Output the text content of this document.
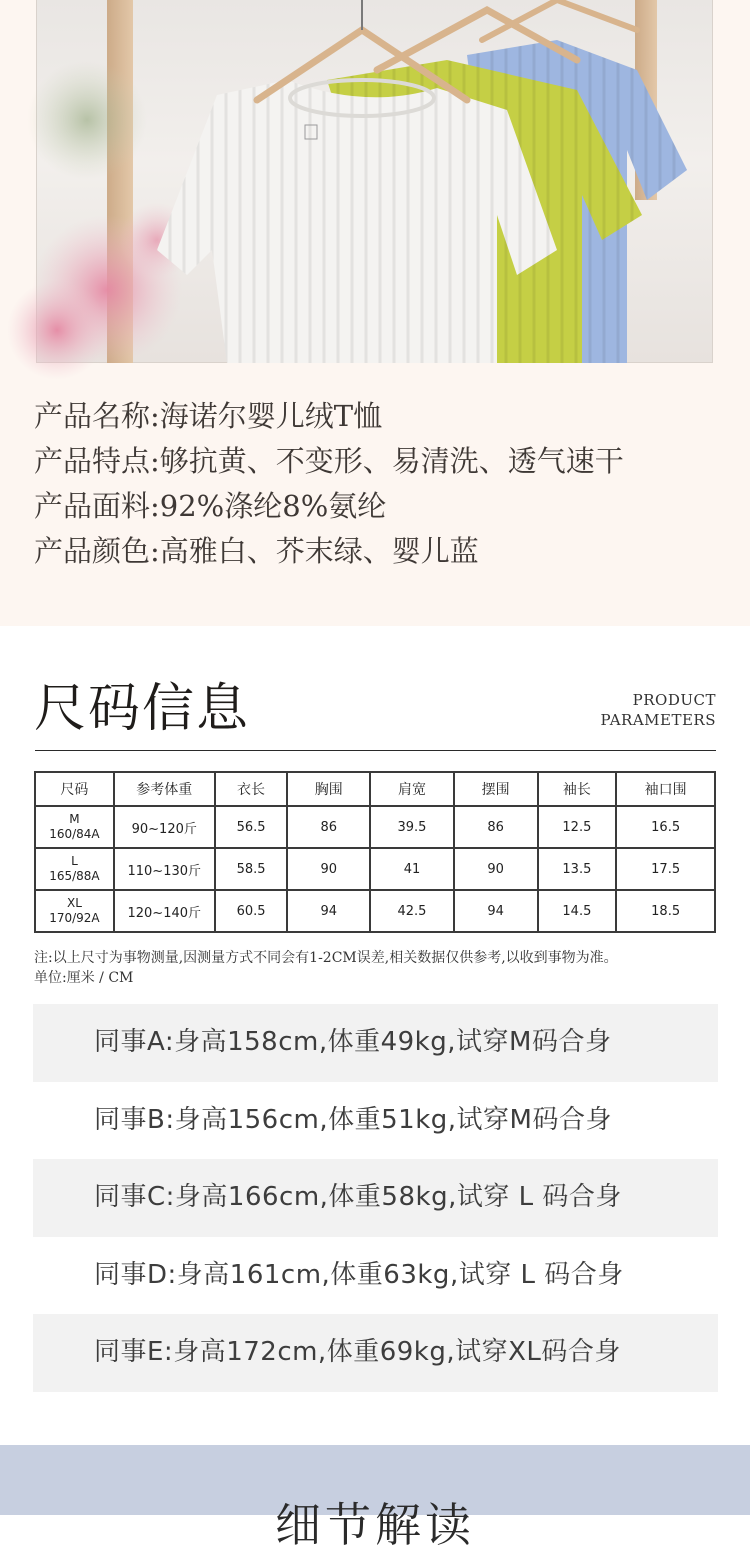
产品名称:海诺尔婴儿绒T恤
产品特点:够抗黄、不变形、易清洗、透气速干
产品面料:92%涤纶8%氨纶
产品颜色:高雅白、芥末绿、婴儿蓝
尺码信息	PRODUCT
PARAMETERS
尺码	参考体重	衣长	胸围	肩宽	摆围	袖长	袖口围

M
160/84A	90~120斤	56.5	86	39.5	86	12.5	16.5

L
165/88A	110~130斤	58.5	90	41	90	13.5	17.5

XL
170/92A	120~140斤	60.5	94	42.5	94	14.5	18.5
注:以上尺寸为事物测量,因测量方式不同会有1-2CM误差,相关数据仅供参考,以收到事物为准。
单位:厘米 / CM
同事A:身高158cm,体重49kg,试穿M码合身
同事B:身高156cm,体重51kg,试穿M码合身
同事C:身高166cm,体重58kg,试穿 L 码合身
同事D:身高161cm,体重63kg,试穿 L 码合身
同事E:身高172cm,体重69kg,试穿XL码合身
细节解读
